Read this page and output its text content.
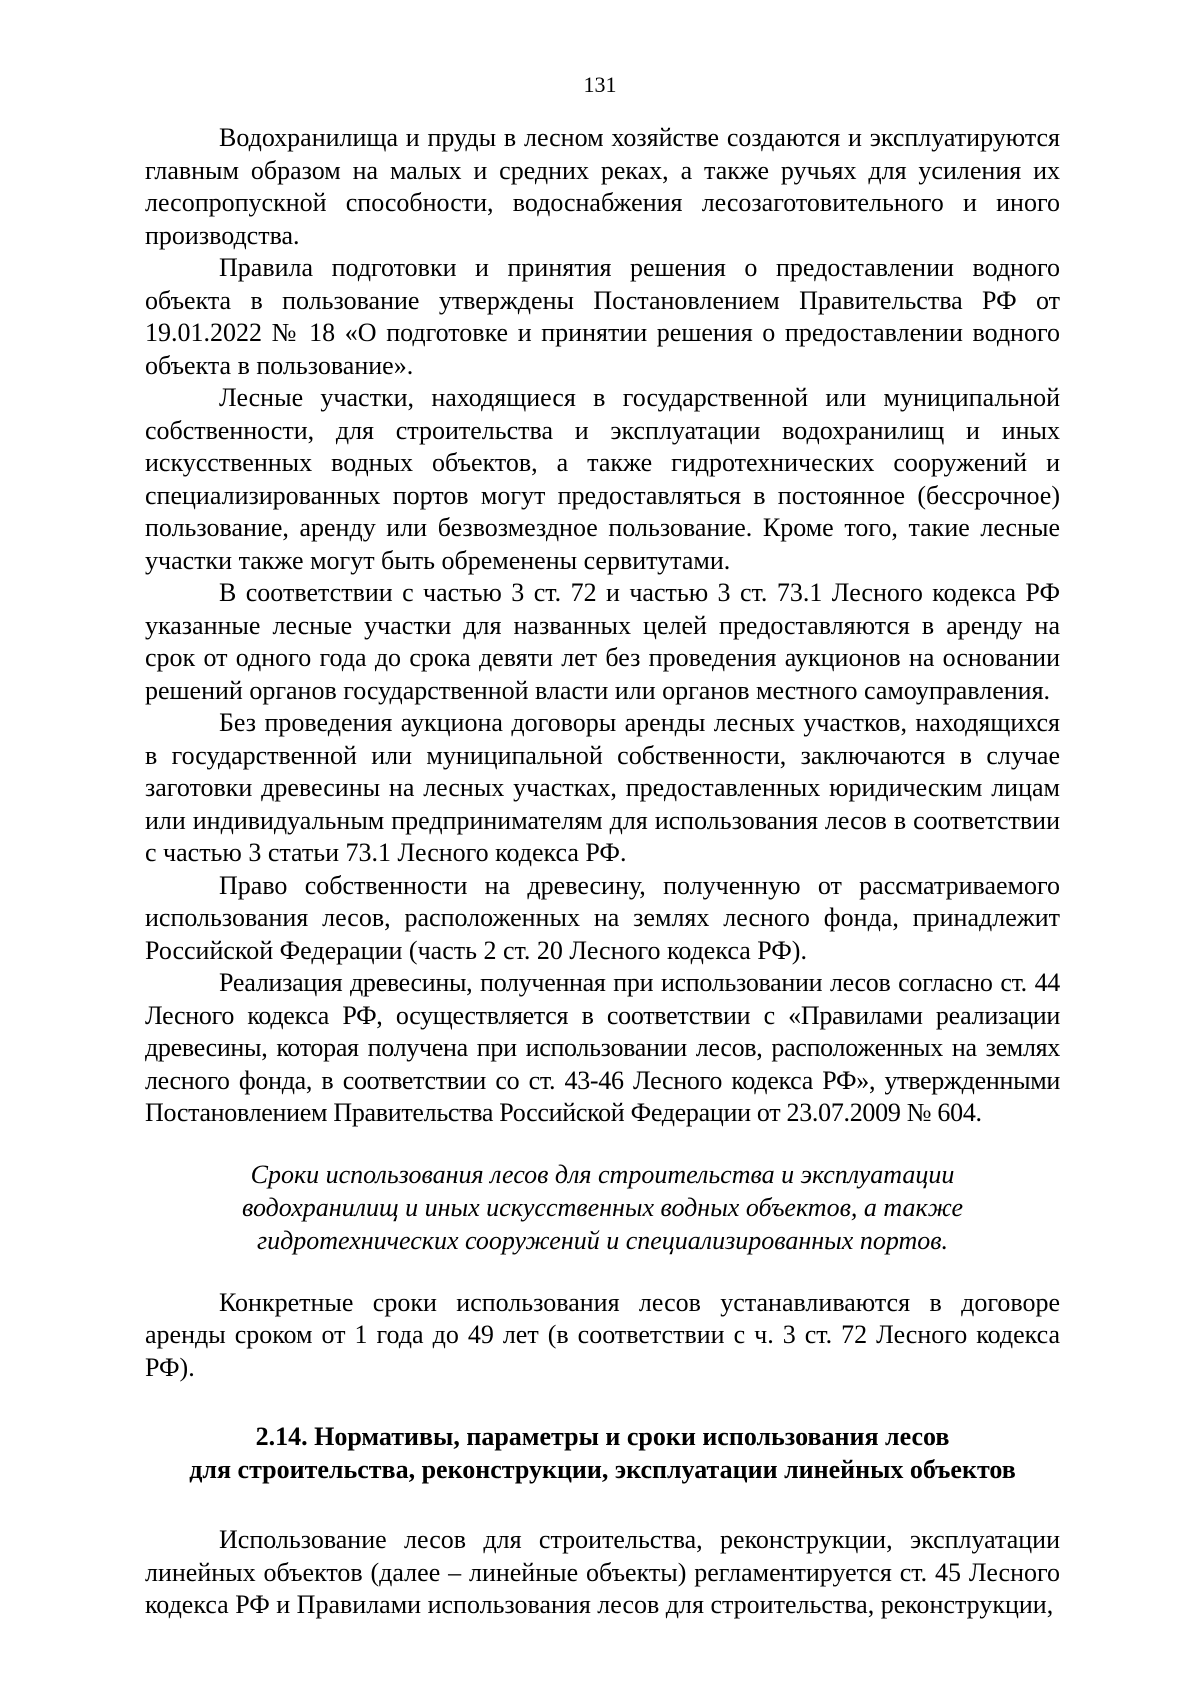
131

Водохранилища и пруды в лесном хозяйстве создаются и эксплуатируются главным образом на малых и средних реках, а также ручьях для усиления их лесопропускной способности, водоснабжения лесозаготовительного и иного производства.

Правила подготовки и принятия решения о предоставлении водного объекта в пользование утверждены Постановлением Правительства РФ от 19.01.2022 № 18 «О подготовке и принятии решения о предоставлении водного объекта в пользование».

Лесные участки, находящиеся в государственной или муниципальной собственности, для строительства и эксплуатации водохранилищ и иных искусственных водных объектов, а также гидротехнических сооружений и специализированных портов могут предоставляться в постоянное (бессрочное) пользование, аренду или безвозмездное пользование. Кроме того, такие лесные участки также могут быть обременены сервитутами.

В соответствии с частью 3 ст. 72 и частью 3 ст. 73.1 Лесного кодекса РФ указанные лесные участки для названных целей предоставляются в аренду на срок от одного года до срока девяти лет без проведения аукционов на основании решений органов государственной власти или органов местного самоуправления.

Без проведения аукциона договоры аренды лесных участков, находящихся в государственной или муниципальной собственности, заключаются в случае заготовки древесины на лесных участках, предоставленных юридическим лицам или индивидуальным предпринимателям для использования лесов в соответствии с частью 3 статьи 73.1 Лесного кодекса РФ.

Право собственности на древесину, полученную от рассматриваемого использования лесов, расположенных на землях лесного фонда, принадлежит Российской Федерации (часть 2 ст. 20 Лесного кодекса РФ).

Реализация древесины, полученная при использовании лесов согласно ст. 44 Лесного кодекса РФ, осуществляется в соответствии с «Правилами реализации древесины, которая получена при использовании лесов, расположенных на землях лесного фонда, в соответствии со ст. 43-46 Лесного кодекса РФ», утвержденными Постановлением Правительства Российской Федерации от 23.07.2009 № 604.

Сроки использования лесов для строительства и эксплуатации
водохранилищ и иных искусственных водных объектов, а также
гидротехнических сооружений и специализированных портов.

Конкретные сроки использования лесов устанавливаются в договоре аренды сроком от 1 года до 49 лет (в соответствии с ч. 3 ст. 72 Лесного кодекса РФ).

2.14. Нормативы, параметры и сроки использования лесов
для строительства, реконструкции, эксплуатации линейных объектов

Использование лесов для строительства, реконструкции, эксплуатации линейных объектов (далее – линейные объекты) регламентируется ст. 45 Лесного кодекса РФ и Правилами использования лесов для строительства, реконструкции,
